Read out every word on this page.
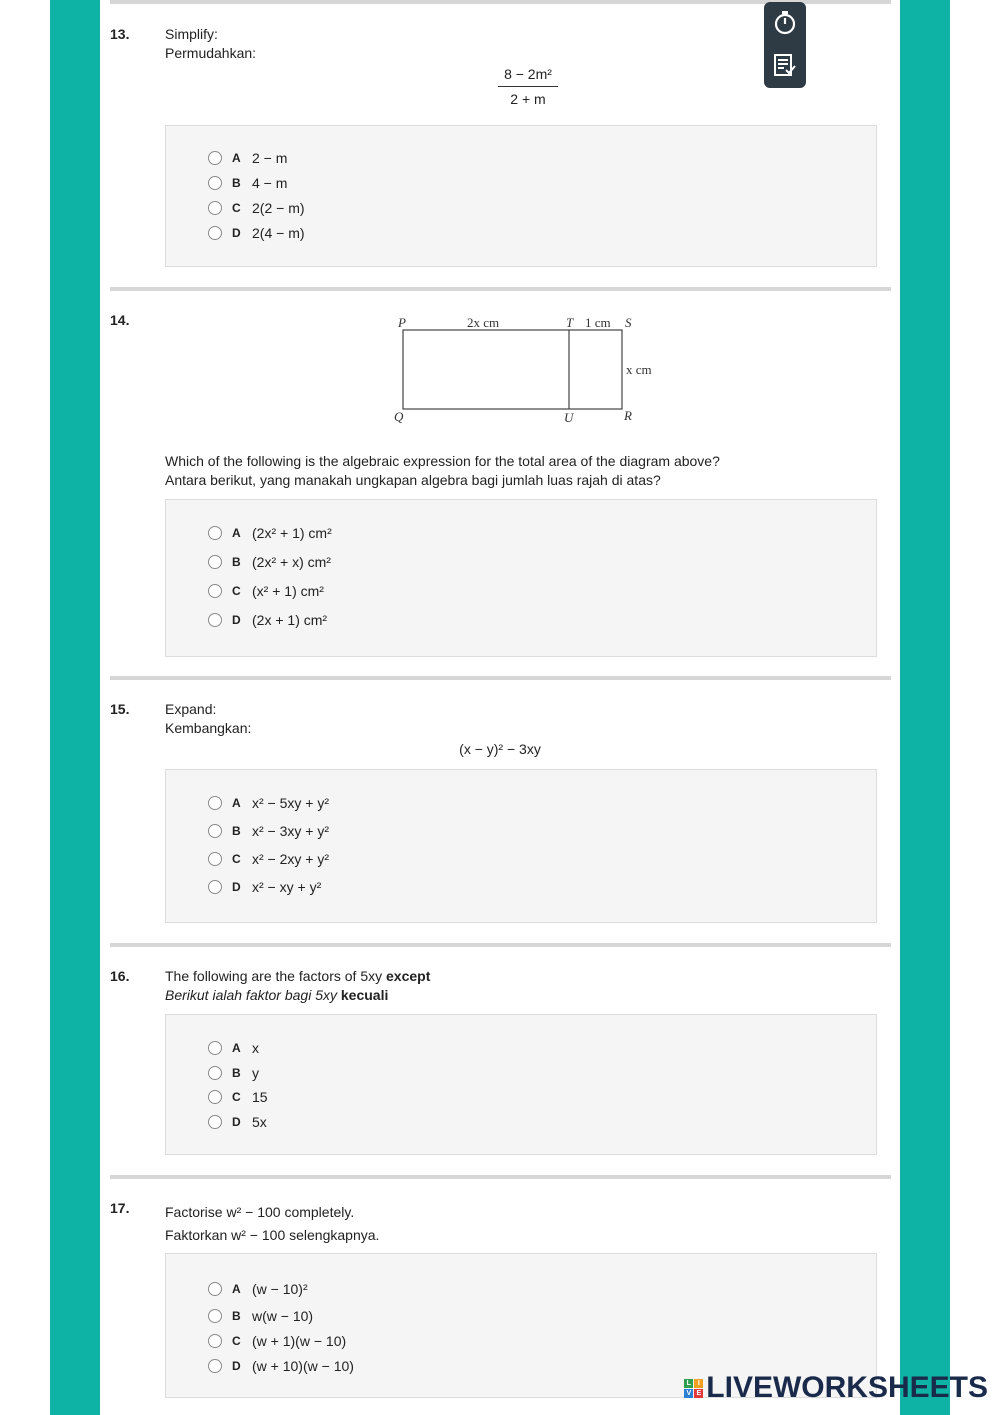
13.	Simplify:
Permudahkan:
$\frac{\text{8 − 2m²}}{2 + m}$
A 2 − m
B 4 − m
C 2(2 − m)
D 2(4 − m)
14.	P	T	S
Q	U	R
2x cm	1 cm
x cm
Which of the following is the algebraic expression for the total area of the diagram above?
Antara berikut, yang manakah ungkapan algebra bagi jumlah luas rajah di atas?
A (2x² + 1) cm²
B (2x² + x) cm²
C (x² + 1) cm²
D (2x + 1) cm²
15.	Expand:
Kembangkan:
(x − y)² − 3xy
A x² − 5xy + y²
B x² − 3xy + y²
C x² − 2xy + y²
D x² − xy + y²
16.	The following are the factors of 5xy except
Berikut ialah faktor bagi 5xy kecuali
A x
B y
C 15
D 5x
17.	Factorise w² − 100 completely.
Faktorkan w² − 100 selengkapnya.
A (w − 10)²
B w(w − 10)
C (w + 1)(w − 10)
D (w + 10)(w − 10)
L I
V E LIVEWORKSHEETS
